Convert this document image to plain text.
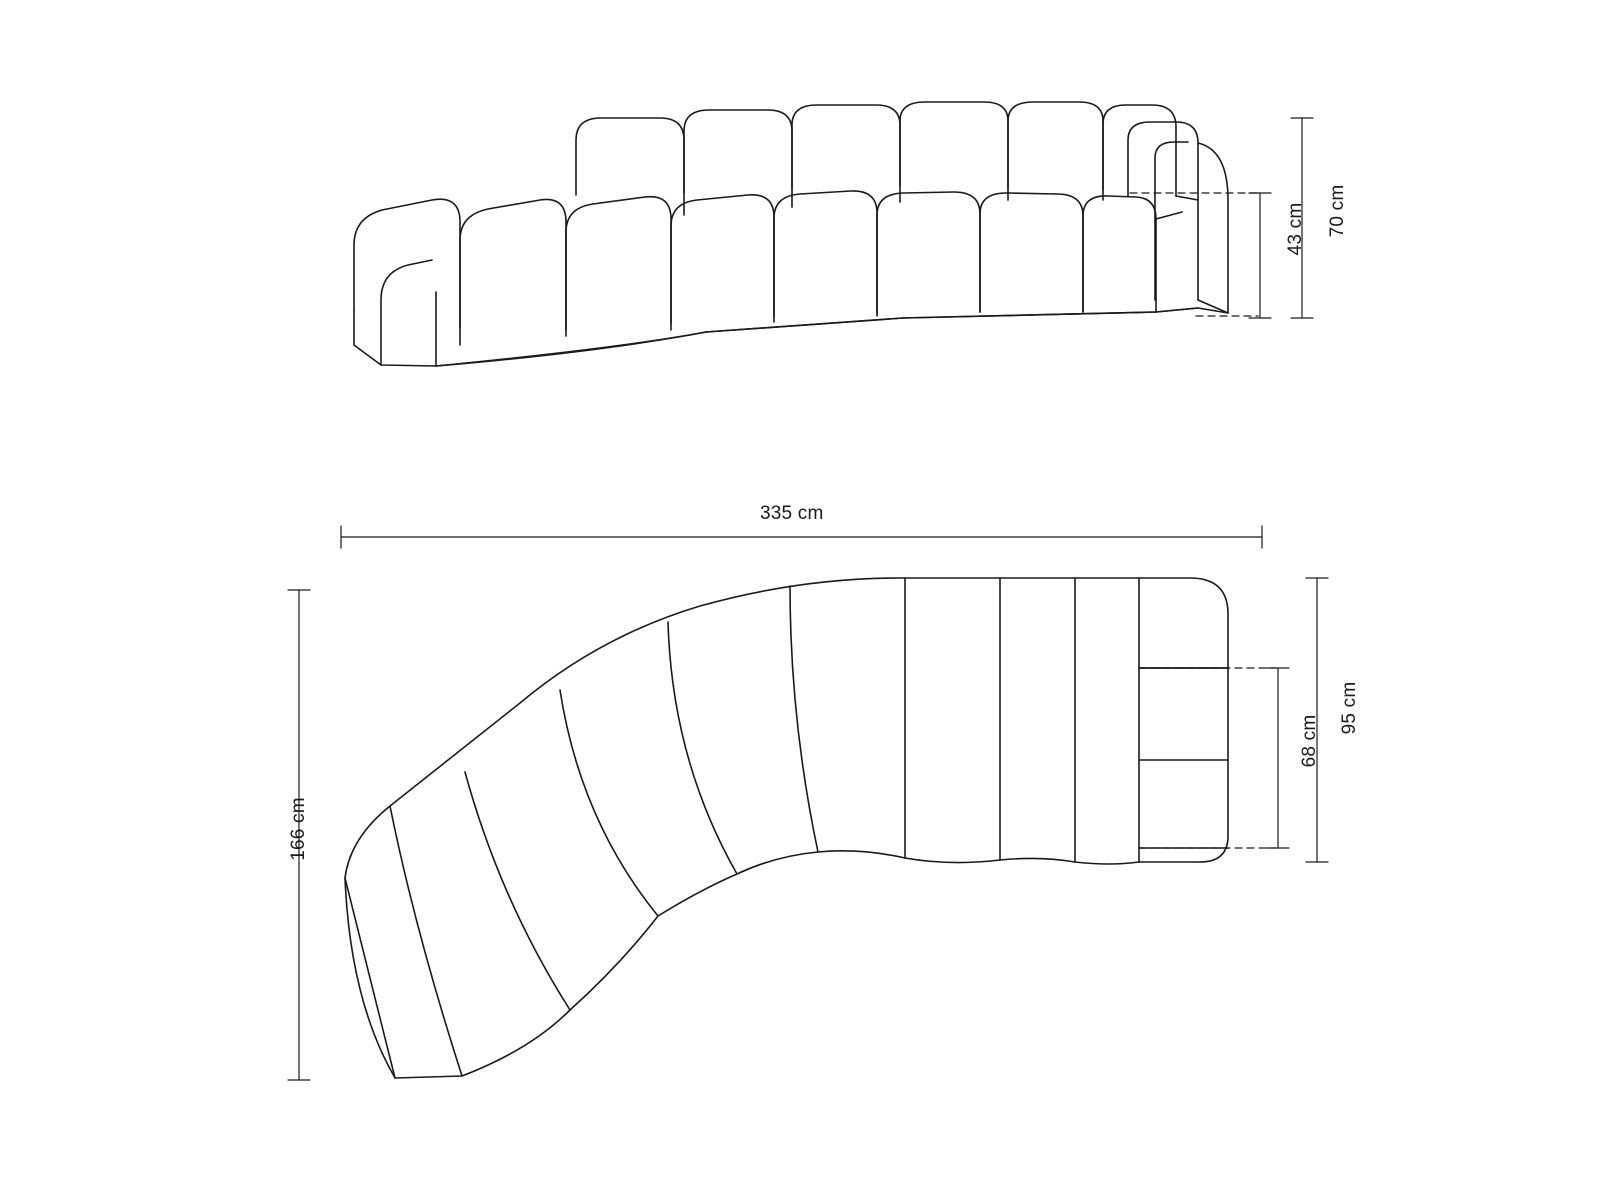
70 cm
43 cm
335 cm
166 cm
95 cm
68 cm
